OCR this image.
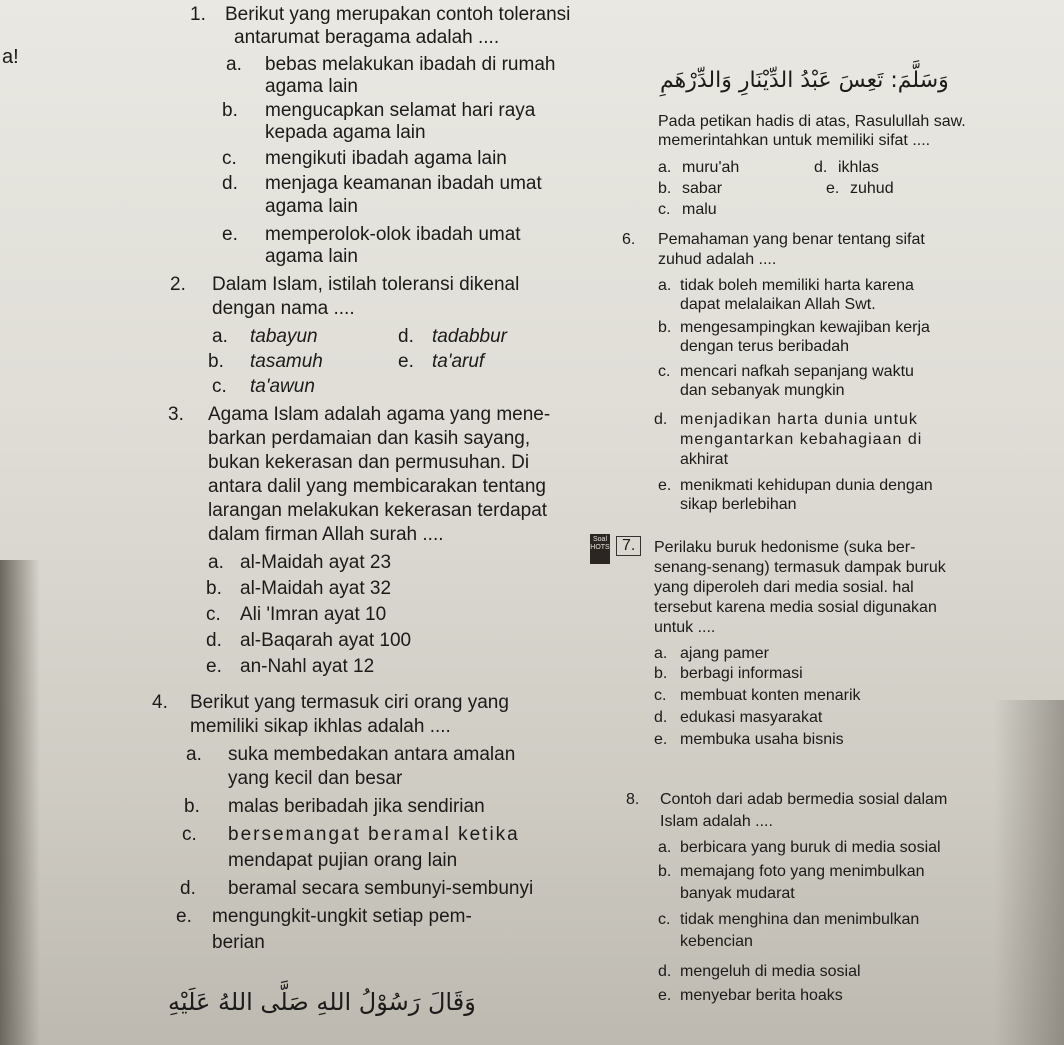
a!
1. Berikut yang merupakan contoh toleransi
antarumat beragama adalah ....
a. bebas melakukan ibadah di rumah
agama lain
b. mengucapkan selamat hari raya
kepada agama lain
c. mengikuti ibadah agama lain
d. menjaga keamanan ibadah umat
agama lain
e. memperolok-olok ibadah umat
agama lain
2. Dalam Islam, istilah toleransi dikenal
dengan nama ....
a. tabayun
b. tasamuh
c. ta'awun
d. tadabbur
e. ta'aruf
3. Agama Islam adalah agama yang mene-
barkan perdamaian dan kasih sayang,
bukan kekerasan dan permusuhan. Di
antara dalil yang membicarakan tentang
larangan melakukan kekerasan terdapat
dalam firman Allah surah ....
a. al-Maidah ayat 23
b. al-Maidah ayat 32
c. Ali 'Imran ayat 10
d. al-Baqarah ayat 100
e. an-Nahl ayat 12
4. Berikut yang termasuk ciri orang yang
memiliki sikap ikhlas adalah ....
a. suka membedakan antara amalan
yang kecil dan besar
b. malas beribadah jika sendirian
c. bersemangat beramal ketika
mendapat pujian orang lain
d. beramal secara sembunyi-sembunyi
e. mengungkit-ungkit setiap pem-
berian
وَقَالَ رَسُوْلُ اللهِ صَلَّى اللهُ عَلَيْهِ
وَسَلَّمَ: تَعِسَ عَبْدُ الدِّيْنَارِ وَالدِّرْهَمِ
Pada petikan hadis di atas, Rasulullah saw.
memerintahkan untuk memiliki sifat ....
a. muru'ah
b. sabar
c. malu
d. ikhlas
e. zuhud
6. Pemahaman yang benar tentang sifat
zuhud adalah ....
a. tidak boleh memiliki harta karena
dapat melalaikan Allah Swt.
b. mengesampingkan kewajiban kerja
dengan terus beribadah
c. mencari nafkah sepanjang waktu
dan sebanyak mungkin
d. menjadikan harta dunia untuk
mengantarkan kebahagiaan di
akhirat
e. menikmati kehidupan dunia dengan
sikap berlebihan
Soal HOTS 7.	Perilaku buruk hedonisme (suka ber-
senang-senang) termasuk dampak buruk
yang diperoleh dari media sosial. hal
tersebut karena media sosial digunakan
untuk ....
a. ajang pamer
b. berbagi informasi
c. membuat konten menarik
d. edukasi masyarakat
e. membuka usaha bisnis
8. Contoh dari adab bermedia sosial dalam
Islam adalah ....
a. berbicara yang buruk di media sosial
b. memajang foto yang menimbulkan
banyak mudarat
c. tidak menghina dan menimbulkan
kebencian
d. mengeluh di media sosial
e. menyebar berita hoaks
